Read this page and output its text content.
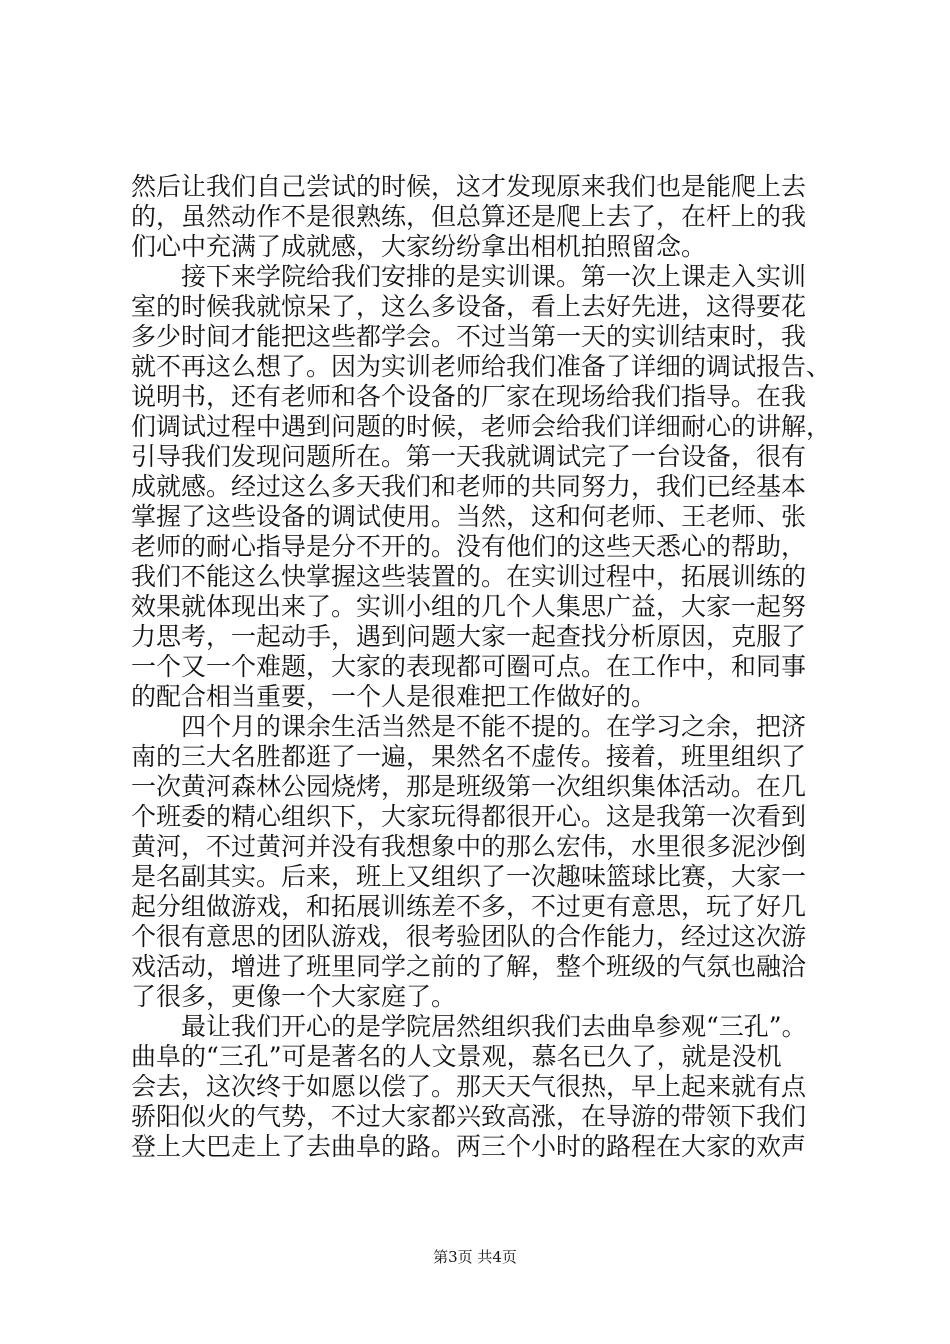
然后让我们自己尝试的时候，这才发现原来我们也是能爬上去
的，虽然动作不是很熟练，但总算还是爬上去了，在杆上的我
们心中充满了成就感，大家纷纷拿出相机拍照留念。
　　接下来学院给我们安排的是实训课。第一次上课走入实训
室的时候我就惊呆了，这么多设备，看上去好先进，这得要花
多少时间才能把这些都学会。不过当第一天的实训结束时，我
就不再这么想了。因为实训老师给我们准备了详细的调试报告、
说明书，还有老师和各个设备的厂家在现场给我们指导。在我
们调试过程中遇到问题的时候，老师会给我们详细耐心的讲解，
引导我们发现问题所在。第一天我就调试完了一台设备，很有
成就感。经过这么多天我们和老师的共同努力，我们已经基本
掌握了这些设备的调试使用。当然，这和何老师、王老师、张
老师的耐心指导是分不开的。没有他们的这些天悉心的帮助，
我们不能这么快掌握这些装置的。在实训过程中，拓展训练的
效果就体现出来了。实训小组的几个人集思广益，大家一起努
力思考，一起动手，遇到问题大家一起查找分析原因，克服了
一个又一个难题，大家的表现都可圈可点。在工作中，和同事
的配合相当重要，一个人是很难把工作做好的。
　　四个月的课余生活当然是不能不提的。在学习之余，把济
南的三大名胜都逛了一遍，果然名不虚传。接着，班里组织了
一次黄河森林公园烧烤，那是班级第一次组织集体活动。在几
个班委的精心组织下，大家玩得都很开心。这是我第一次看到
黄河，不过黄河并没有我想象中的那么宏伟，水里很多泥沙倒
是名副其实。后来，班上又组织了一次趣味篮球比赛，大家一
起分组做游戏，和拓展训练差不多，不过更有意思，玩了好几
个很有意思的团队游戏，很考验团队的合作能力，经过这次游
戏活动，增进了班里同学之前的了解，整个班级的气氛也融洽
了很多，更像一个大家庭了。
　　最让我们开心的是学院居然组织我们去曲阜参观“三孔”。
曲阜的“三孔”可是著名的人文景观，慕名已久了，就是没机
会去，这次终于如愿以偿了。那天天气很热，早上起来就有点
骄阳似火的气势，不过大家都兴致高涨，在导游的带领下我们
登上大巴走上了去曲阜的路。两三个小时的路程在大家的欢声
第3页 共4页
